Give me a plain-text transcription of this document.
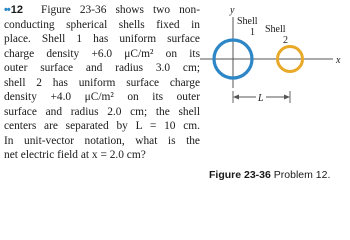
••12 Figure 23-36 shows two non-
conducting spherical shells fixed in
place. Shell 1 has uniform surface
charge density +6.0 μC/m² on its
outer surface and radius 3.0 cm;
shell 2 has uniform surface charge
density +4.0 μC/m² on its outer
surface and radius 2.0 cm; the shell
centers are separated by L = 10 cm.
In unit-vector notation, what is the
net electric field at x = 2.0 cm?
y
x
Shell
1 Shell
2
L
Figure 23-36 Problem 12.
